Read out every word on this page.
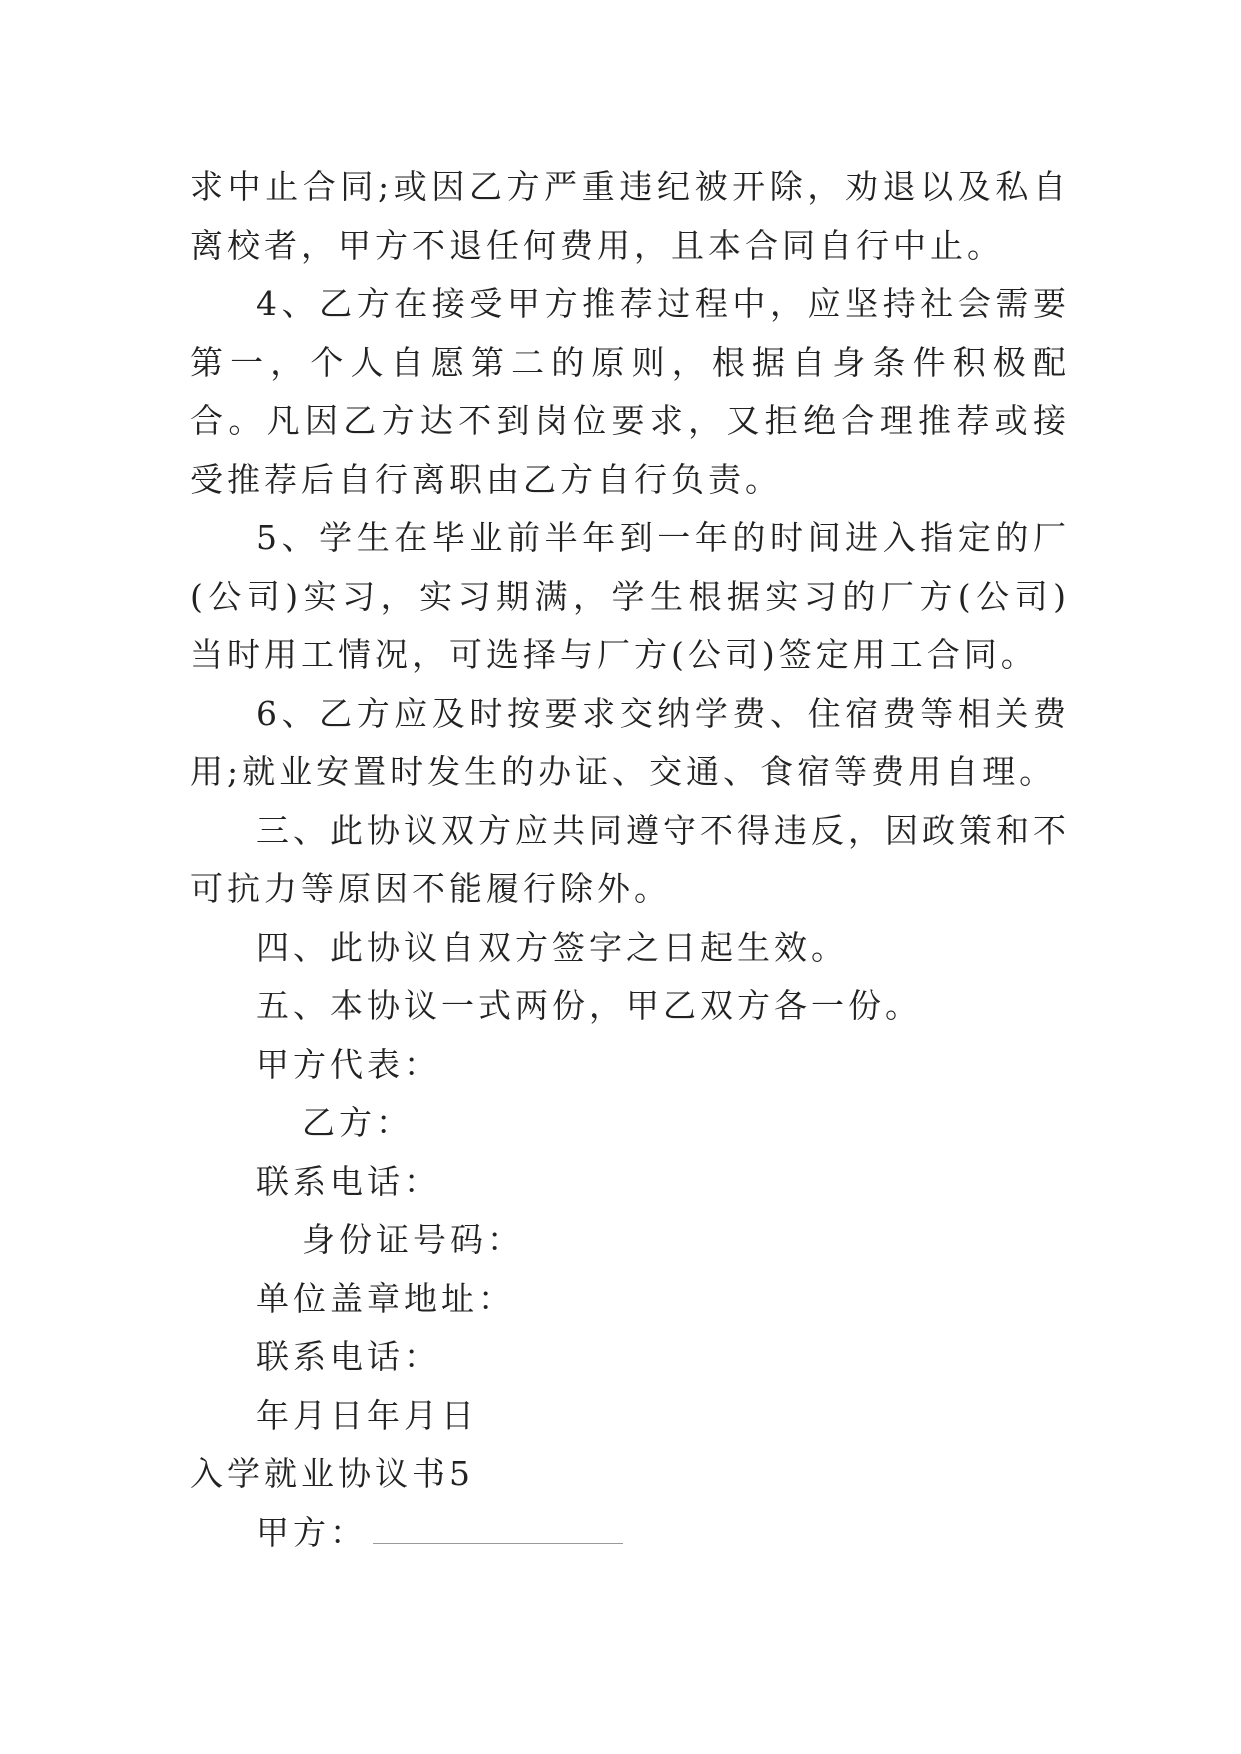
求中止合同;或因乙方严重违纪被开除，劝退以及私自离校者，甲方不退任何费用，且本合同自行中止。

4、乙方在接受甲方推荐过程中，应坚持社会需要第一，个人自愿第二的原则，根据自身条件积极配合。凡因乙方达不到岗位要求，又拒绝合理推荐或接受推荐后自行离职由乙方自行负责。

5、学生在毕业前半年到一年的时间进入指定的厂(公司)实习，实习期满，学生根据实习的厂方(公司)当时用工情况，可选择与厂方(公司)签定用工合同。

6、乙方应及时按要求交纳学费、住宿费等相关费用;就业安置时发生的办证、交通、食宿等费用自理。

三、此协议双方应共同遵守不得违反，因政策和不可抗力等原因不能履行除外。

四、此协议自双方签字之日起生效。

五、本协议一式两份，甲乙双方各一份。

甲方代表：

乙方：

联系电话：

身份证号码：

单位盖章地址：

联系电话：

年月日年月日

入学就业协议书5

甲方：
